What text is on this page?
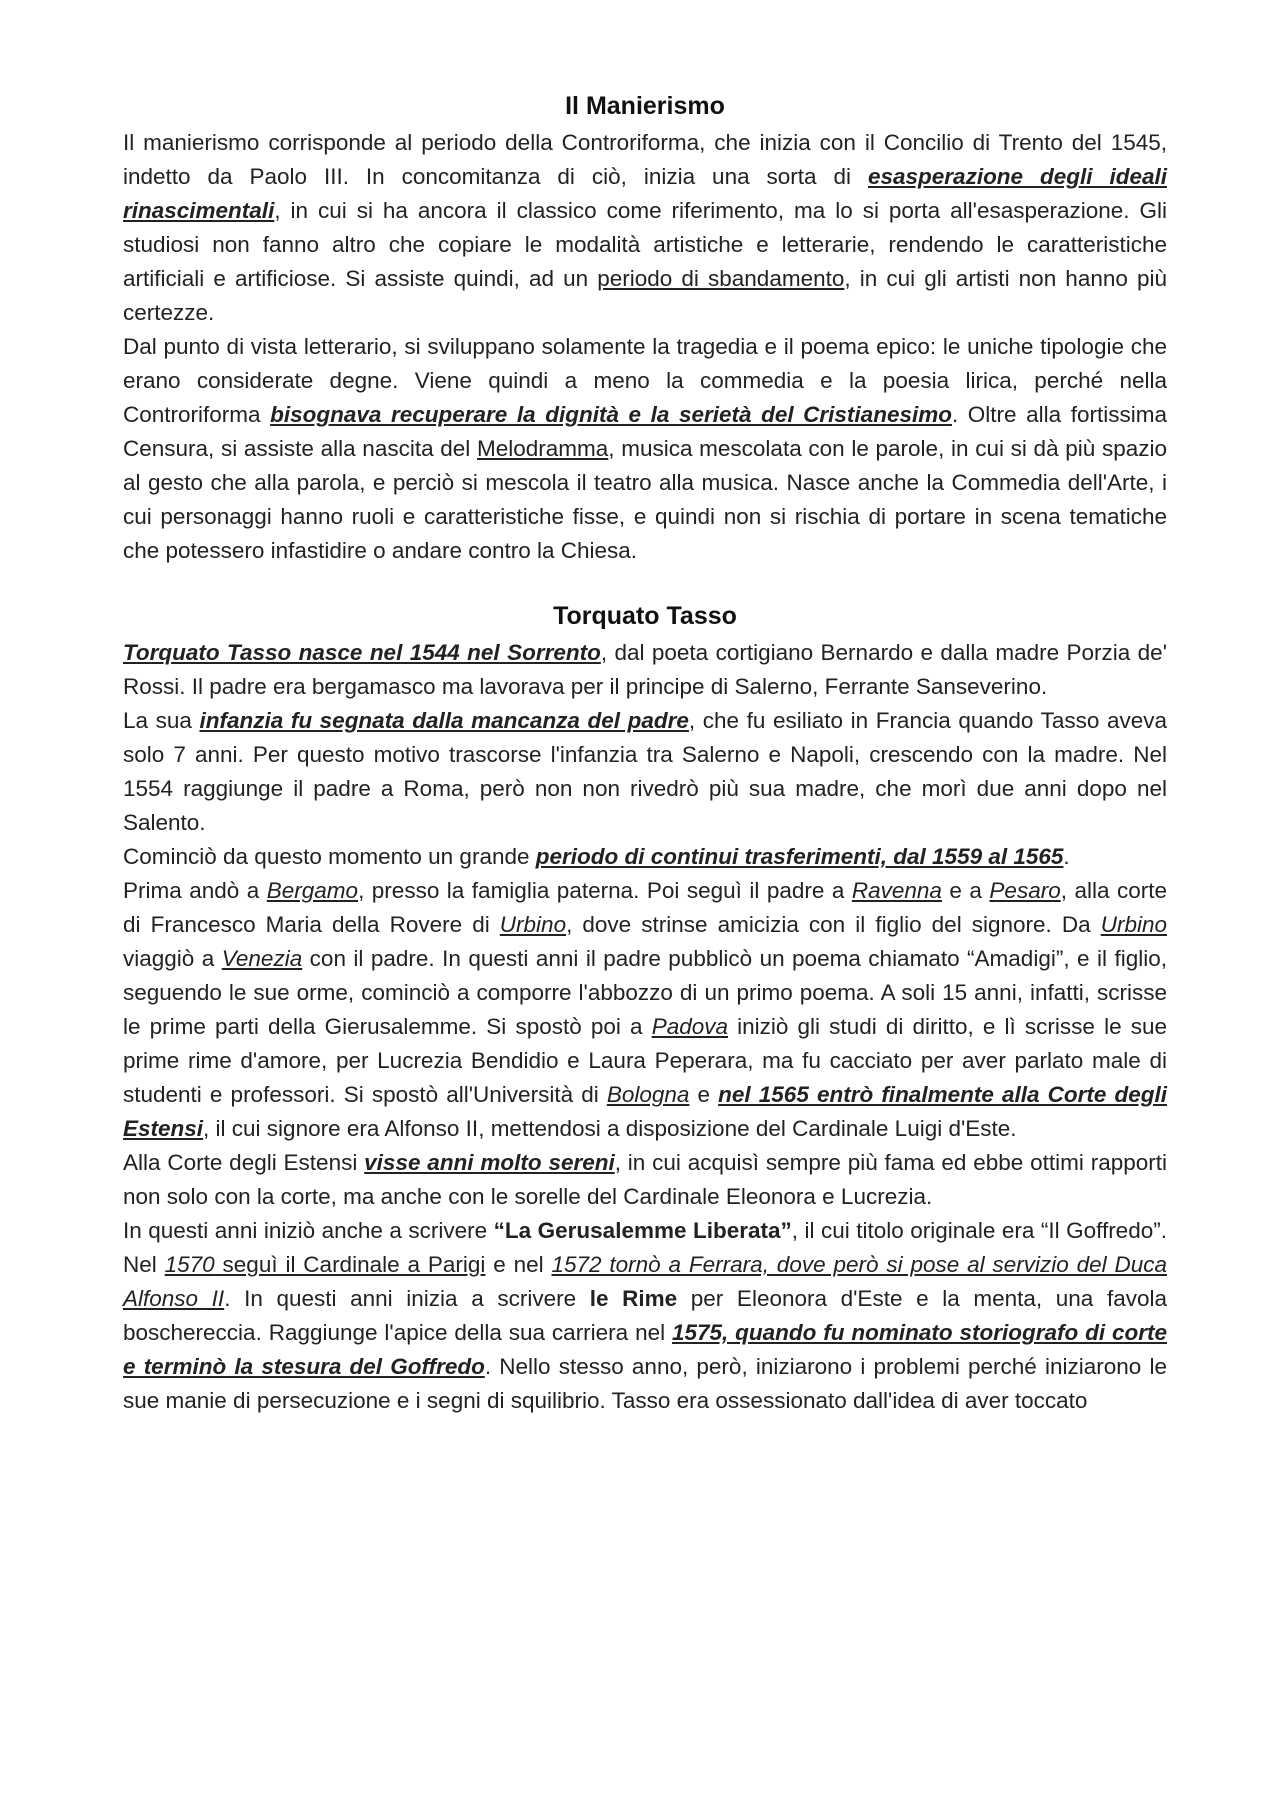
Il Manierismo

Il manierismo corrisponde al periodo della Controriforma, che inizia con il Concilio di Trento del 1545, indetto da Paolo III. In concomitanza di ciò, inizia una sorta di esasperazione degli ideali rinascimentali, in cui si ha ancora il classico come riferimento, ma lo si porta all'esasperazione. Gli studiosi non fanno altro che copiare le modalità artistiche e letterarie, rendendo le caratteristiche artificiali e artificiose. Si assiste quindi, ad un periodo di sbandamento, in cui gli artisti non hanno più certezze.

Dal punto di vista letterario, si sviluppano solamente la tragedia e il poema epico: le uniche tipologie che erano considerate degne. Viene quindi a meno la commedia e la poesia lirica, perché nella Controriforma bisognava recuperare la dignità e la serietà del Cristianesimo. Oltre alla fortissima Censura, si assiste alla nascita del Melodramma, musica mescolata con le parole, in cui si dà più spazio al gesto che alla parola, e perciò si mescola il teatro alla musica. Nasce anche la Commedia dell'Arte, i cui personaggi hanno ruoli e caratteristiche fisse, e quindi non si rischia di portare in scena tematiche che potessero infastidire o andare contro la Chiesa.

Torquato Tasso

Torquato Tasso nasce nel 1544 nel Sorrento, dal poeta cortigiano Bernardo e dalla madre Porzia de' Rossi. Il padre era bergamasco ma lavorava per il principe di Salerno, Ferrante Sanseverino.

La sua infanzia fu segnata dalla mancanza del padre, che fu esiliato in Francia quando Tasso aveva solo 7 anni. Per questo motivo trascorse l'infanzia tra Salerno e Napoli, crescendo con la madre. Nel 1554 raggiunge il padre a Roma, però non non rivedrò più sua madre, che morì due anni dopo nel Salento.

Cominciò da questo momento un grande periodo di continui trasferimenti, dal 1559 al 1565.

Prima andò a Bergamo, presso la famiglia paterna. Poi seguì il padre a Ravenna e a Pesaro, alla corte di Francesco Maria della Rovere di Urbino, dove strinse amicizia con il figlio del signore. Da Urbino viaggiò a Venezia con il padre. In questi anni il padre pubblicò un poema chiamato “Amadigi”, e il figlio, seguendo le sue orme, cominciò a comporre l'abbozzo di un primo poema. A soli 15 anni, infatti, scrisse le prime parti della Gierusalemme. Si spostò poi a Padova iniziò gli studi di diritto, e lì scrisse le sue prime rime d'amore, per Lucrezia Bendidio e Laura Peperara, ma fu cacciato per aver parlato male di studenti e professori. Si spostò all'Università di Bologna e nel 1565 entrò finalmente alla Corte degli Estensi, il cui signore era Alfonso II, mettendosi a disposizione del Cardinale Luigi d'Este.

Alla Corte degli Estensi visse anni molto sereni, in cui acquisì sempre più fama ed ebbe ottimi rapporti non solo con la corte, ma anche con le sorelle del Cardinale Eleonora e Lucrezia.

In questi anni iniziò anche a scrivere “La Gerusalemme Liberata”, il cui titolo originale era “Il Goffredo”. Nel 1570 seguì il Cardinale a Parigi e nel 1572 tornò a Ferrara, dove però si pose al servizio del Duca Alfonso II. In questi anni inizia a scrivere le Rime per Eleonora d'Este e la menta, una favola boschereccia. Raggiunge l'apice della sua carriera nel 1575, quando fu nominato storiografo di corte e terminò la stesura del Goffredo. Nello stesso anno, però, iniziarono i problemi perché iniziarono le sue manie di persecuzione e i segni di squilibrio. Tasso era ossessionato dall'idea di aver toccato
